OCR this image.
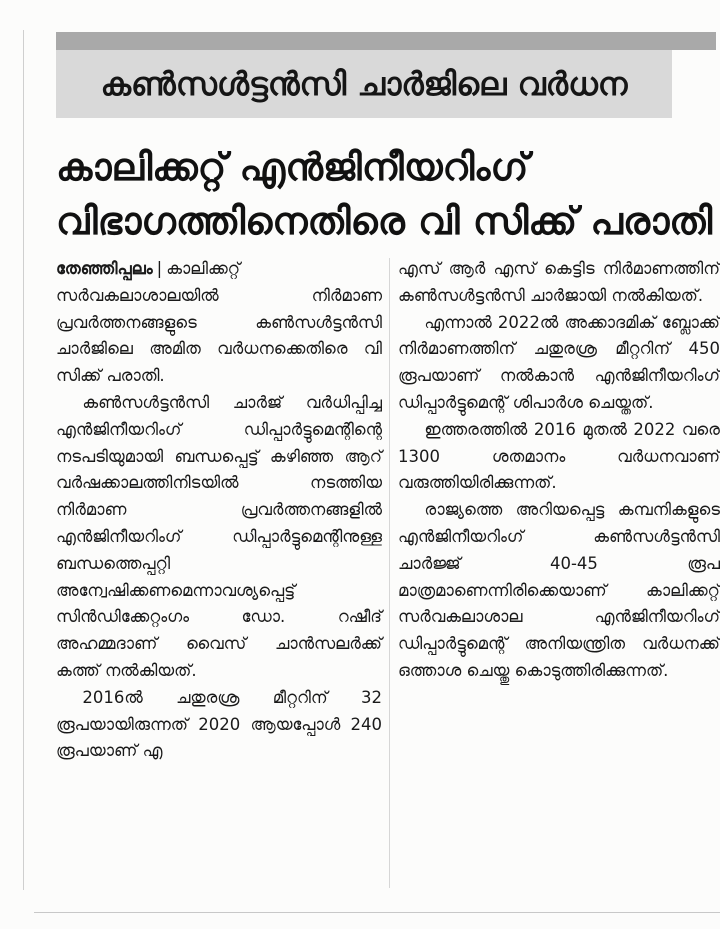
കൺസൾട്ടൻസി ചാർജിലെ വർധന
കാലിക്കറ്റ് എൻജിനീയറിംഗ്
വിഭാഗത്തിനെതിരെ വി സിക്ക് പരാതി

തേഞ്ഞിപ്പലം | കാലിക്കറ്റ് സർവകലാശാലയിൽ നിർമാണ പ്രവർത്തനങ്ങളുടെ കൺസൾട്ടൻസി ചാർജിലെ അമിത വർധനക്കെതിരെ വി സിക്ക് പരാതി.

കൺസൾട്ടൻസി ചാർജ് വർധിപ്പിച്ച എൻജിനീയറിംഗ് ഡിപ്പാർട്ടുമെന്റിന്റെ നടപടിയുമായി ബന്ധപ്പെട്ട് കഴിഞ്ഞ ആറ് വർഷക്കാലത്തിനിടയിൽ നടത്തിയ നിർമാണ പ്രവർത്തനങ്ങളിൽ എൻജിനീയറിംഗ് ഡിപ്പാർട്ടുമെന്റിനുള്ള ബന്ധത്തെപ്പറ്റി അന്വേഷിക്കണമെന്നാവശ്യപ്പെട്ട് സിൻഡിക്കേറ്റംഗം ഡോ. റഷീദ് അഹമ്മദാണ് വൈസ് ചാൻസലർക്ക് കത്ത് നൽകിയത്.

2016ൽ ചതുരശ്ര മീറ്ററിന് 32 രൂപയായിരുന്നത് 2020 ആയപ്പോൾ 240 രൂപയാണ് എ

എസ് ആർ എസ് കെട്ടിട നിർമാണത്തിന് കൺസൾട്ടൻസി ചാർജായി നൽകിയത്.

എന്നാൽ 2022ൽ അക്കാദമിക് ബ്ലോക്ക് നിർമാണത്തിന് ചതുരശ്ര മീറ്ററിന് 450 രൂപയാണ് നൽകാൻ എൻജിനീയറിംഗ് ഡിപ്പാർട്ടുമെന്റ് ശിപാർശ ചെയ്തത്.

ഇത്തരത്തിൽ 2016 മുതൽ 2022 വരെ 1300 ശതമാനം വർധനവാണ് വരുത്തിയിരിക്കുന്നത്.

രാജ്യത്തെ അറിയപ്പെട്ട കമ്പനികളുടെ എൻജിനീയറിംഗ് കൺസൾട്ടൻസി ചാർജ്ജ് 40-45 രൂപ മാത്രമാണെന്നിരിക്കെയാണ് കാലിക്കറ്റ് സർവകലാശാല എൻജിനീയറിംഗ് ഡിപ്പാർട്ടുമെന്റ് അനിയന്ത്രിത വർധനക്ക് ഒത്താശ ചെയ്തു കൊടുത്തിരിക്കുന്നത്.
